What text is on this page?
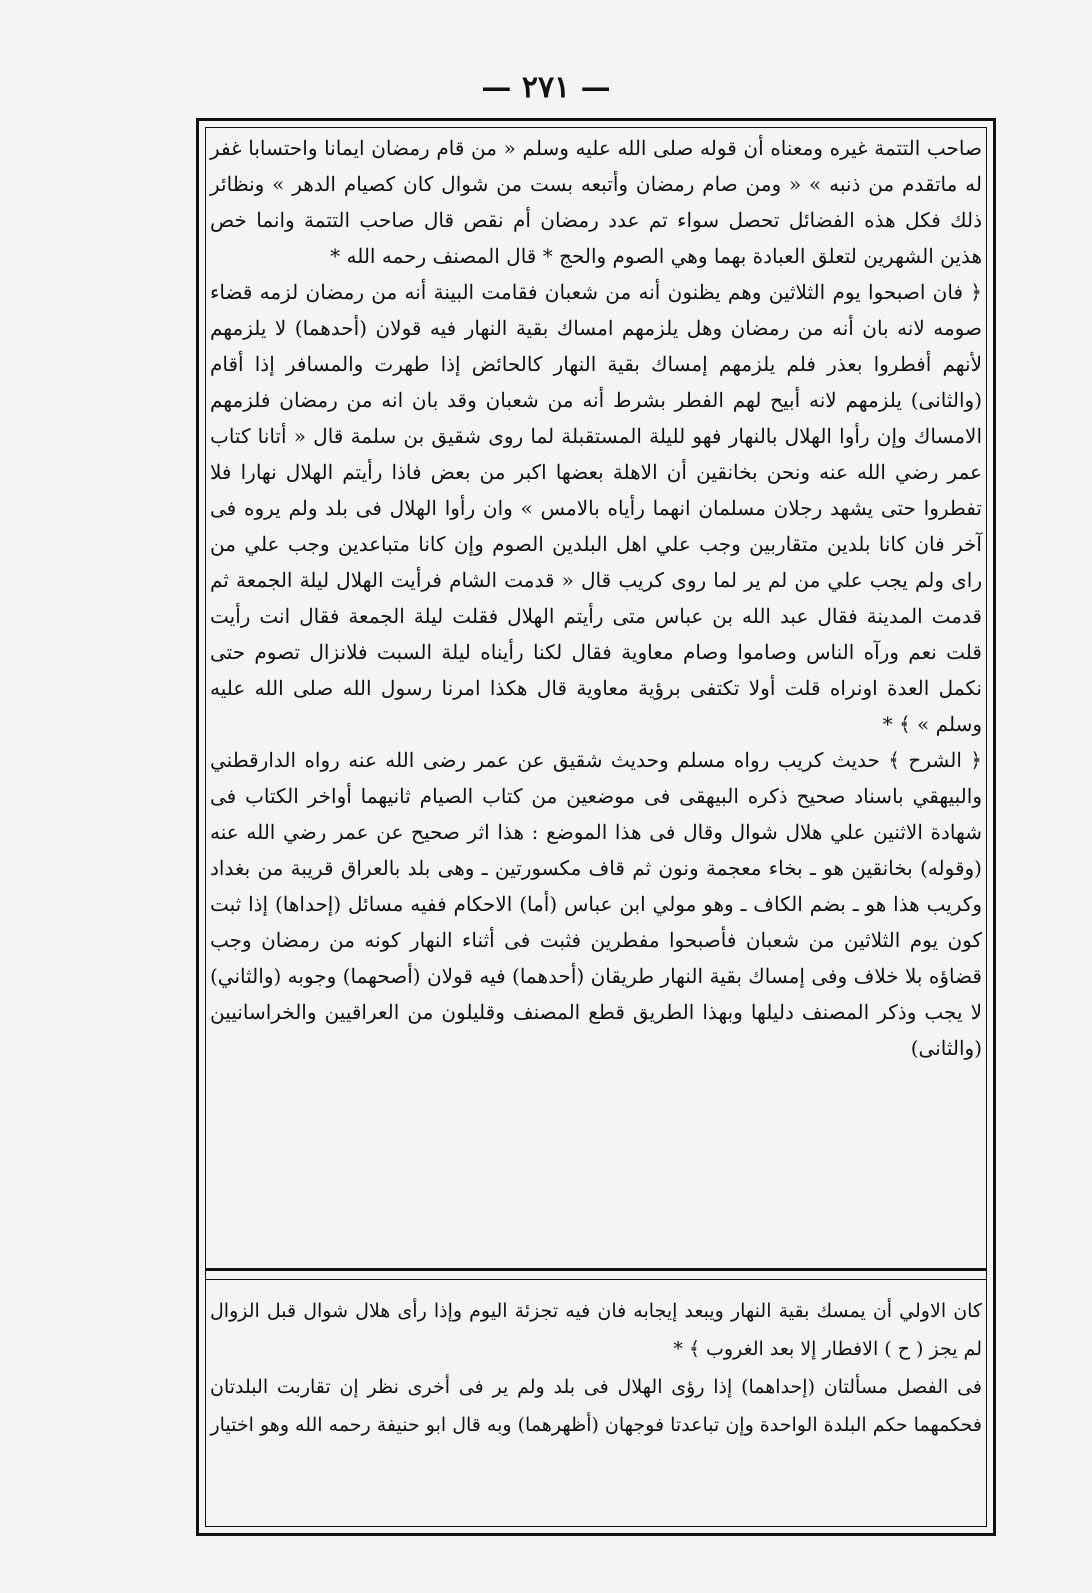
— ٢٧١ —

صاحب التتمة غيره ومعناه أن قوله صلى الله عليه وسلم « من قام رمضان ايمانا واحتسابا غفر له ماتقدم من ذنبه » « ومن صام رمضان وأتبعه بست من شوال كان كصيام الدهر » ونظائر ذلك فكل هذه الفضائل تحصل سواء تم عدد رمضان أم نقص قال صاحب التتمة وانما خص هذين الشهرين لتعلق العبادة بهما وهي الصوم والحج * قال المصنف رحمه الله *

﴿ فان اصبحوا يوم الثلاثين وهم يظنون أنه من شعبان فقامت البينة أنه من رمضان لزمه قضاء صومه لانه بان أنه من رمضان وهل يلزمهم امساك بقية النهار فيه قولان (أحدهما) لا يلزمهم لأنهم أفطروا بعذر فلم يلزمهم إمساك بقية النهار كالحائض إذا طهرت والمسافر إذا أقام (والثانى) يلزمهم لانه أبيح لهم الفطر بشرط أنه من شعبان وقد بان انه من رمضان فلزمهم الامساك وإن رأوا الهلال بالنهار فهو لليلة المستقبلة لما روى شقيق بن سلمة قال « أتانا كتاب عمر رضي الله عنه ونحن بخانقين أن الاهلة بعضها اكبر من بعض فاذا رأيتم الهلال نهارا فلا تفطروا حتى يشهد رجلان مسلمان انهما رأياه بالامس » وان رأوا الهلال فى بلد ولم يروه فى آخر فان كانا بلدين متقاربين وجب علي اهل البلدين الصوم وإن كانا متباعدين وجب علي من راى ولم يجب علي من لم ير لما روى كريب قال « قدمت الشام فرأيت الهلال ليلة الجمعة ثم قدمت المدينة فقال عبد الله بن عباس متى رأيتم الهلال فقلت ليلة الجمعة فقال انت رأيت قلت نعم ورآه الناس وصاموا وصام معاوية فقال لكنا رأيناه ليلة السبت فلانزال تصوم حتى نكمل العدة اونراه قلت أولا تكتفى برؤية معاوية قال هكذا امرنا رسول الله صلى الله عليه وسلم » ﴾ *

﴿ الشرح ﴾ حديث كريب رواه مسلم وحديث شقيق عن عمر رضى الله عنه رواه الدارقطني والبيهقي باسناد صحيح ذكره البيهقى فى موضعين من كتاب الصيام ثانيهما أواخر الكتاب فى شهادة الاثنين علي هلال شوال وقال فى هذا الموضع : هذا اثر صحيح عن عمر رضي الله عنه (وقوله) بخانقين هو ـ بخاء معجمة ونون ثم قاف مكسورتين ـ وهى بلد بالعراق قريبة من بغداد وكريب هذا هو ـ بضم الكاف ـ وهو مولي ابن عباس (أما) الاحكام ففيه مسائل (إحداها) إذا ثبت كون يوم الثلاثين من شعبان فأصبحوا مفطرين فثبت فى أثناء النهار كونه من رمضان وجب قضاؤه بلا خلاف وفى إمساك بقية النهار طريقان (أحدهما) فيه قولان (أصحهما) وجوبه (والثاني) لا يجب وذكر المصنف دليلها وبهذا الطريق قطع المصنف وقليلون من العراقيين والخراسانيين (والثانى)

كان الاولي أن يمسك بقية النهار ويبعد إيجابه فان فيه تجزئة اليوم وإذا رأى هلال شوال قبل الزوال لم يجز ( ح ) الافطار إلا بعد الغروب ﴾ *

فى الفصل مسألتان (إحداهما) إذا رؤى الهلال فى بلد ولم ير فى أخرى نظر إن تقاربت البلدتان فحكمهما حكم البلدة الواحدة وإن تباعدتا فوجهان (أظهرهما) وبه قال ابو حنيفة رحمه الله وهو اختيار
